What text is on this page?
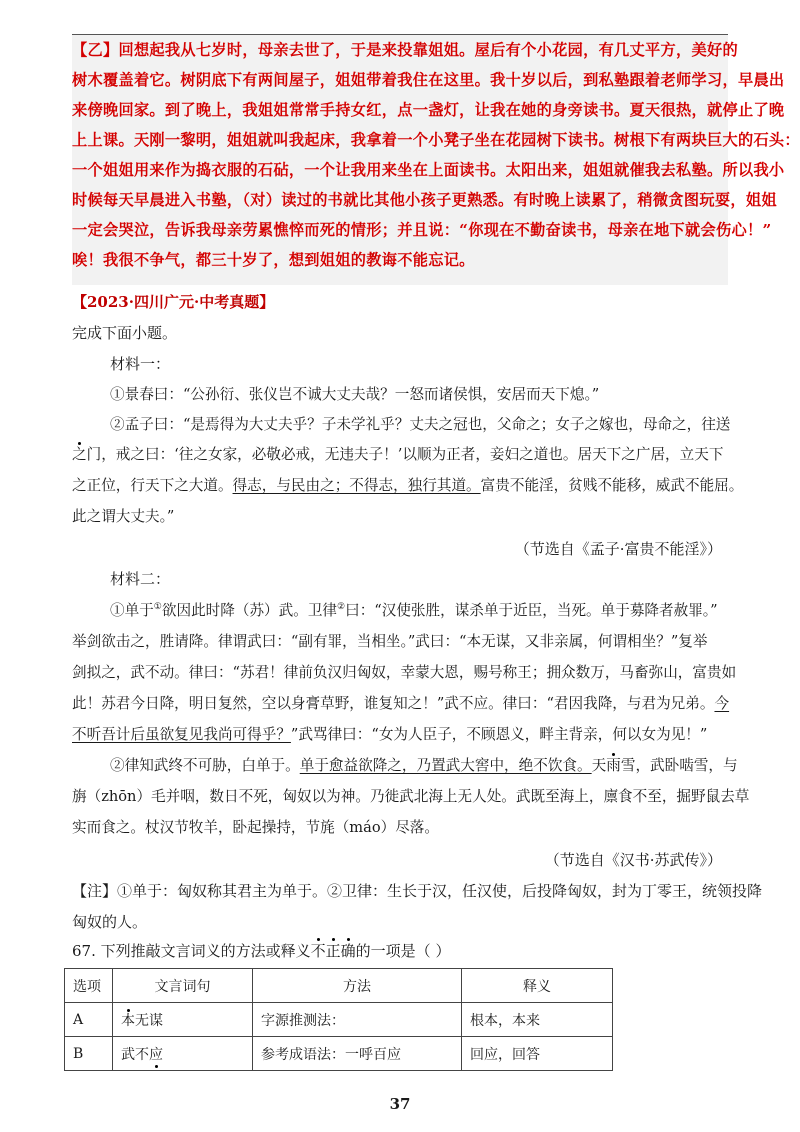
【乙】回想起我从七岁时，母亲去世了，于是来投靠姐姐。屋后有个小花园，有几丈平方，美好的
树木覆盖着它。树阴底下有两间屋子，姐姐带着我住在这里。我十岁以后，到私塾跟着老师学习，早晨出
来傍晚回家。到了晚上，我姐姐常常手持女红，点一盏灯，让我在她的身旁读书。夏天很热，就停止了晚
上上课。天刚一黎明，姐姐就叫我起床，我拿着一个小凳子坐在花园树下读书。树根下有两块巨大的石头：
一个姐姐用来作为捣衣服的石砧，一个让我用来坐在上面读书。太阳出来，姐姐就催我去私塾。所以我小
时候每天早晨进入书塾，（对）读过的书就比其他小孩子更熟悉。有时晚上读累了，稍微贪图玩耍，姐姐
一定会哭泣，告诉我母亲劳累憔悴而死的情形；并且说：“你现在不勤奋读书，母亲在地下就会伤心！”
唉！我很不争气，都三十岁了，想到姐姐的教诲不能忘记。
【2023·四川广元·中考真题】
完成下面小题。
材料一：
①景春曰：“公孙衍、张仪岂不诚大丈夫哉？一怒而诸侯惧，安居而天下熄。”
②孟子曰：“是焉得为大丈夫乎？子未学礼乎？丈夫之冠也，父命之；女子之嫁也，母命之，往送
之门，戒之曰：‘往之女家，必敬必戒，无违夫子！’以顺为正者，妾妇之道也。居天下之广居，立天下
之正位，行天下之大道。得志，与民由之；不得志，独行其道。富贵不能淫，贫贱不能移，威武不能屈。
此之谓大丈夫。”
（节选自《孟子·富贵不能淫》）
材料二：
①单于①欲因此时降（苏）武。卫律②曰：“汉使张胜，谋杀单于近臣，当死。单于募降者赦罪。”
举剑欲击之，胜请降。律谓武曰：“副有罪，当相坐。”武曰：“本无谋，又非亲属，何谓相坐？”复举
剑拟之，武不动。律曰：“苏君！律前负汉归匈奴，幸蒙大恩，赐号称王；拥众数万，马畜弥山，富贵如
此！苏君今日降，明日复然，空以身膏草野，谁复知之！”武不应。律曰：“君因我降，与君为兄弟。今
不听吾计后虽欲复见我尚可得乎？”武骂律曰：“女为人臣子，不顾恩义，畔主背亲，何以女为见！”
②律知武终不可胁，白单于。单于愈益欲降之，乃置武大窖中，绝不饮食。天雨雪，武卧啮雪，与
旃（zhōn）毛并咽，数日不死，匈奴以为神。乃徙武北海上无人处。武既至海上，廪食不至，掘野鼠去草
实而食之。杖汉节牧羊，卧起操持，节旄（máo）尽落。
（节选自《汉书·苏武传》）
【注】①单于：匈奴称其君主为单于。②卫律：生长于汉，任汉使，后投降匈奴，封为丁零王，统领投降
匈奴的人。
67. 下列推敲文言词义的方法或释义不正确的一项是（ ）
选项	文言词句	方法	释义
A	本无谋	字源推测法：	根本，本来
B	武不应	参考成语法：一呼百应	回应，回答
37
